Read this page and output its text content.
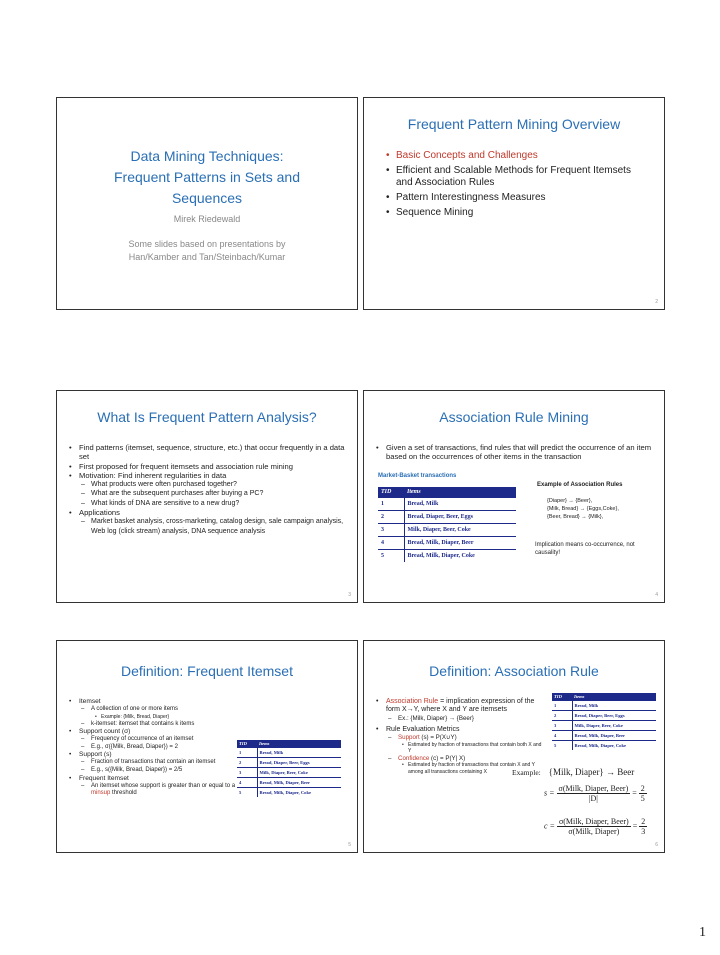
Data Mining Techniques:
Frequent Patterns in Sets and
Sequences
Mirek Riedewald
Some slides based on presentations by
Han/Kamber and Tan/Steinbach/Kumar
Frequent Pattern Mining Overview
• Basic Concepts and Challenges
• Efficient and Scalable Methods for Frequent Itemsets and Association Rules
• Pattern Interestingness Measures
• Sequence Mining
2
What Is Frequent Pattern Analysis?
• Find patterns (itemset, sequence, structure, etc.) that occur frequently in a data set
• First proposed for frequent itemsets and association rule mining
• Motivation: Find inherent regularities in data
– What products were often purchased together?
– What are the subsequent purchases after buying a PC?
– What kinds of DNA are sensitive to a new drug?
• Applications
– Market basket analysis, cross-marketing, catalog design, sale campaign analysis, Web log (click stream) analysis, DNA sequence analysis
3
Association Rule Mining
• Given a set of transactions, find rules that will predict the occurrence of an item based on the occurrences of other items in the transaction
Market-Basket transactions
Example of Association Rules
TID	Items
1	Bread, Milk
2	Bread, Diaper, Beer, Eggs
3	Milk, Diaper, Beer, Coke
4	Bread, Milk, Diaper, Beer
5	Bread, Milk, Diaper, Coke
{Diaper} → {Beer},
{Milk, Bread} → {Eggs,Coke},
{Beer, Bread} → {Milk},
Implication means co-occurrence, not causality!
4
Definition: Frequent Itemset
• Itemset
– A collection of one or more items
• Example: {Milk, Bread, Diaper}
– k-itemset: itemset that contains k items
• Support count (σ)
– Frequency of occurrence of an itemset
– E.g., σ({Milk, Bread, Diaper}) = 2
• Support (s)
– Fraction of transactions that contain an itemset
– E.g., s({Milk, Bread, Diaper}) = 2/5
• Frequent Itemset
– An itemset whose support is greater than or equal to a minsup threshold
TID	Items
1	Bread, Milk
2	Bread, Diaper, Beer, Eggs
3	Milk, Diaper, Beer, Coke
4	Bread, Milk, Diaper, Beer
5	Bread, Milk, Diaper, Coke
5
Definition: Association Rule
• Association Rule = implication expression of the form X→Y, where X and Y are itemsets
– Ex.: {Milk, Diaper} → {Beer}
• Rule Evaluation Metrics
– Support (s) = P(X∪Y)
• Estimated by fraction of transactions that contain both X and Y
– Confidence (c) = P(Y| X)
• Estimated by fraction of transactions that contain X and Y among all transactions containing X
TID	Items
1	Bread, Milk
2	Bread, Diaper, Beer, Eggs
3	Milk, Diaper, Beer, Coke
4	Bread, Milk, Diaper, Beer
5	Bread, Milk, Diaper, Coke
Example: {Milk, Diaper} → Beer
$s = \frac{\text{σ(Milk, Diaper, Beer)}}{|D|} = \frac{2}{5}$
$c = \frac{\text{σ(Milk, Diaper, Beer)}}{\text{σ(Milk, Diaper)}} = \frac{2}{3}$
6
1
